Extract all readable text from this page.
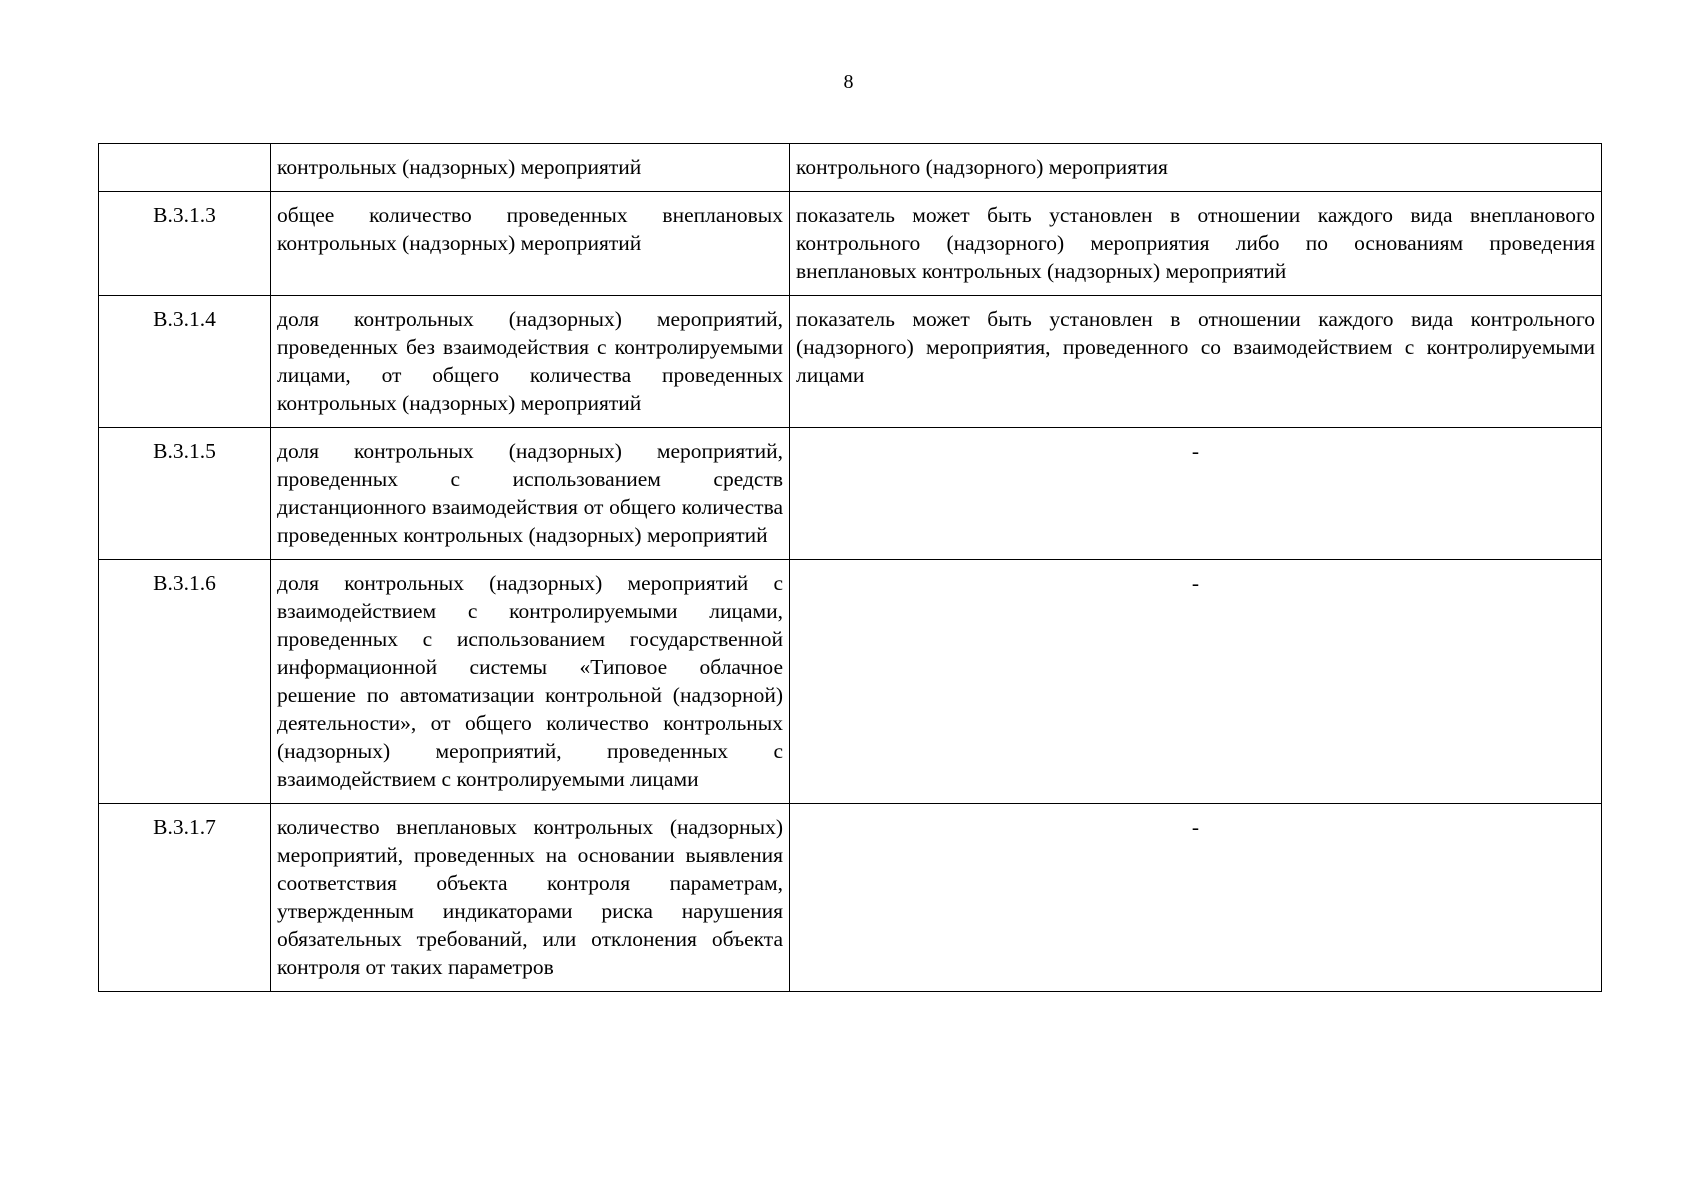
8
	контрольных (надзорных) мероприятий	контрольного (надзорного) мероприятия
В.3.1.3	общее количество проведенных внеплановых контрольных (надзорных) мероприятий	показатель может быть установлен в отношении каждого вида внепланового контрольного (надзорного) мероприятия либо по основаниям проведения внеплановых контрольных (надзорных) мероприятий
В.3.1.4	доля контрольных (надзорных) мероприятий, проведенных без взаимодействия с контролируемыми лицами, от общего количества проведенных контрольных (надзорных) мероприятий	показатель может быть установлен в отношении каждого вида контрольного (надзорного) мероприятия, проведенного со взаимодействием с контролируемыми лицами
В.3.1.5	доля контрольных (надзорных) мероприятий, проведенных с использованием средств дистанционного взаимодействия от общего количества проведенных контрольных (надзорных) мероприятий	-
В.3.1.6	доля контрольных (надзорных) мероприятий с взаимодействием с контролируемыми лицами, проведенных с использованием государственной информационной системы «Типовое облачное решение по автоматизации контрольной (надзорной) деятельности», от общего количество контрольных (надзорных) мероприятий, проведенных с взаимодействием с контролируемыми лицами	-
В.3.1.7	количество внеплановых контрольных (надзорных) мероприятий, проведенных на основании выявления соответствия объекта контроля параметрам, утвержденным индикаторами риска нарушения обязательных требований, или отклонения объекта контроля от таких параметров	-
